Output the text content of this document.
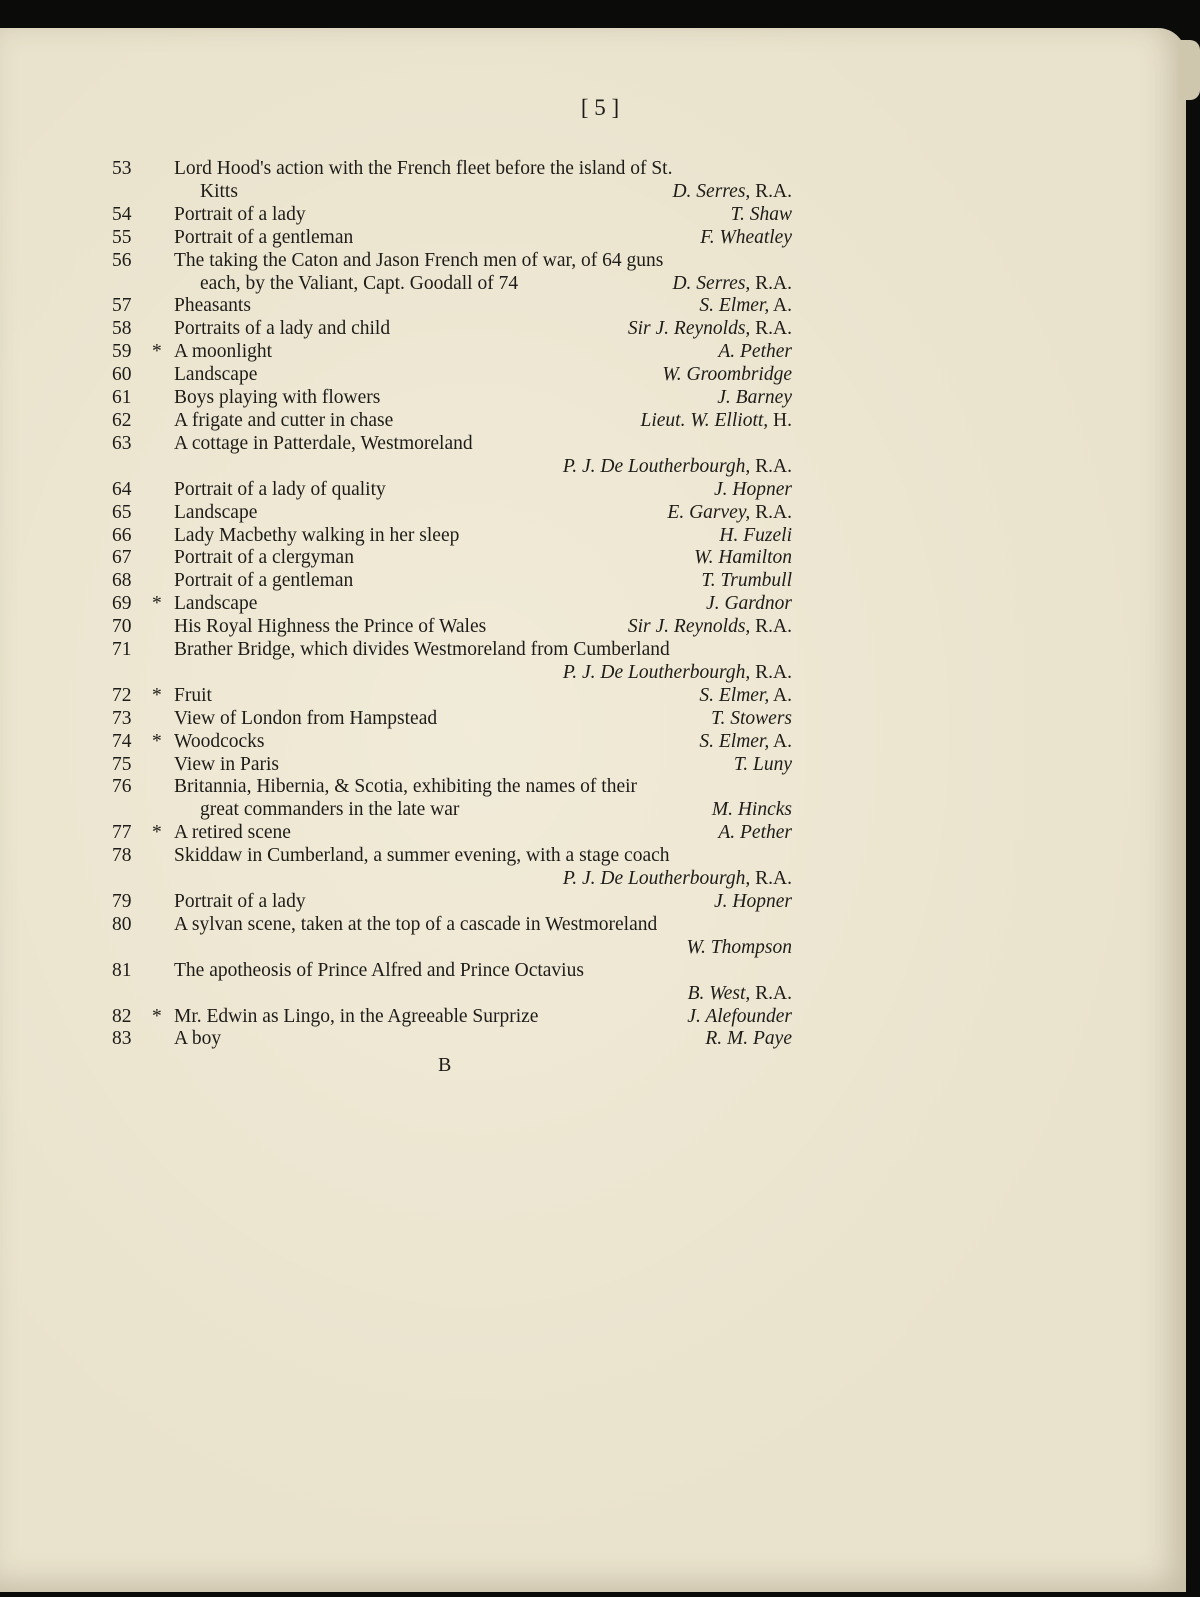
[ 5 ]
53	Lord Hood's action with the French fleet before the island of St.
Kitts	D. Serres, R.A.
54	Portrait of a lady	T. Shaw
55	Portrait of a gentleman	F. Wheatley
56	The taking the Caton and Jason French men of war, of 64 guns
each, by the Valiant, Capt. Goodall of 74	D. Serres, R.A.
57	Pheasants	S. Elmer, A.
58	Portraits of a lady and child	Sir J. Reynolds, R.A.
59	* A moonlight	A. Pether
60	Landscape	W. Groombridge
61	Boys playing with flowers	J. Barney
62	A frigate and cutter in chase	Lieut. W. Elliott, H.
63	A cottage in Patterdale, Westmoreland
P. J. De Loutherbourgh, R.A.
64	Portrait of a lady of quality	J. Hopner
65	Landscape	E. Garvey, R.A.
66	Lady Macbethy walking in her sleep	H. Fuzeli
67	Portrait of a clergyman	W. Hamilton
68	Portrait of a gentleman	T. Trumbull
69	* Landscape	J. Gardnor
70	His Royal Highness the Prince of Wales	Sir J. Reynolds, R.A.
71	Brather Bridge, which divides Westmoreland from Cumberland
P. J. De Loutherbourgh, R.A.
72	* Fruit	S. Elmer, A.
73	View of London from Hampstead	T. Stowers
74	* Woodcocks	S. Elmer, A.
75	View in Paris	T. Luny
76	Britannia, Hibernia, & Scotia, exhibiting the names of their
great commanders in the late war	M. Hincks
77	* A retired scene	A. Pether
78	Skiddaw in Cumberland, a summer evening, with a stage coach
P. J. De Loutherbourgh, R.A.
79	Portrait of a lady	J. Hopner
80	A sylvan scene, taken at the top of a cascade in Westmoreland
W. Thompson
81	The apotheosis of Prince Alfred and Prince Octavius
B. West, R.A.
82	* Mr. Edwin as Lingo, in the Agreeable Surprize	J. Alefounder
83	A boy	R. M. Paye
B
